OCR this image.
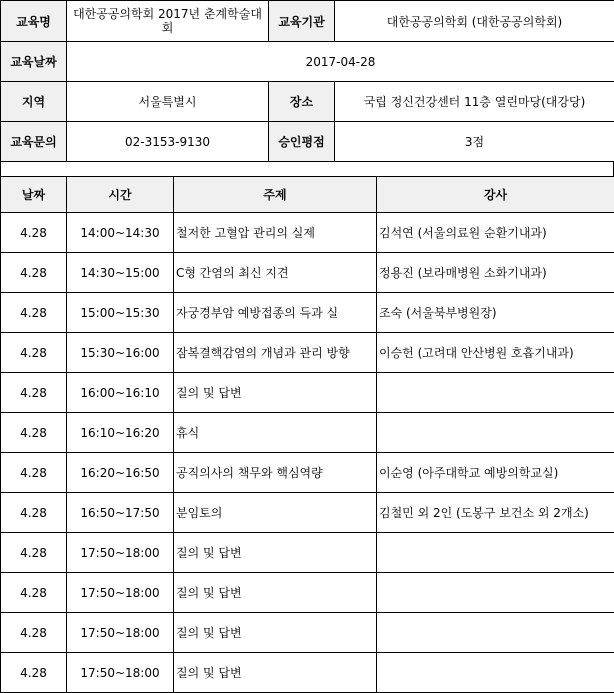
교육명	대한공공의학회 2017년 춘계학술대회	교육기관	대한공공의학회 (대한공공의학회)
교육날짜	2017-04-28		
지역	서울특별시	장소	국립 정신건강센터 11층 열린마당(대강당)
교육문의	02-3153-9130	승인평점	3점
날짜	시간	주제	강사
4.28	14:00~14:30	철저한 고혈압 관리의 실제	김석연 (서울의료원 순환기내과)
4.28	14:30~15:00	C형 간염의 최신 지견	정용진 (보라매병원 소화기내과)
4.28	15:00~15:30	자궁경부암 예방접종의 득과 실	조숙 (서울북부병원장)
4.28	15:30~16:00	잠복결핵감염의 개념과 관리 방향	이승헌 (고려대 안산병원 호흡기내과)
4.28	16:00~16:10	질의 및 답변	
4.28	16:10~16:20	휴식	
4.28	16:20~16:50	공직의사의 책무와 핵심역량	이순영 (아주대학교 예방의학교실)
4.28	16:50~17:50	분임토의	김철민 외 2인 (도봉구 보건소 외 2개소)
4.28	17:50~18:00	질의 및 답변	
4.28	17:50~18:00	질의 및 답변	
4.28	17:50~18:00	질의 및 답변	
4.28	17:50~18:00	질의 및 답변	
